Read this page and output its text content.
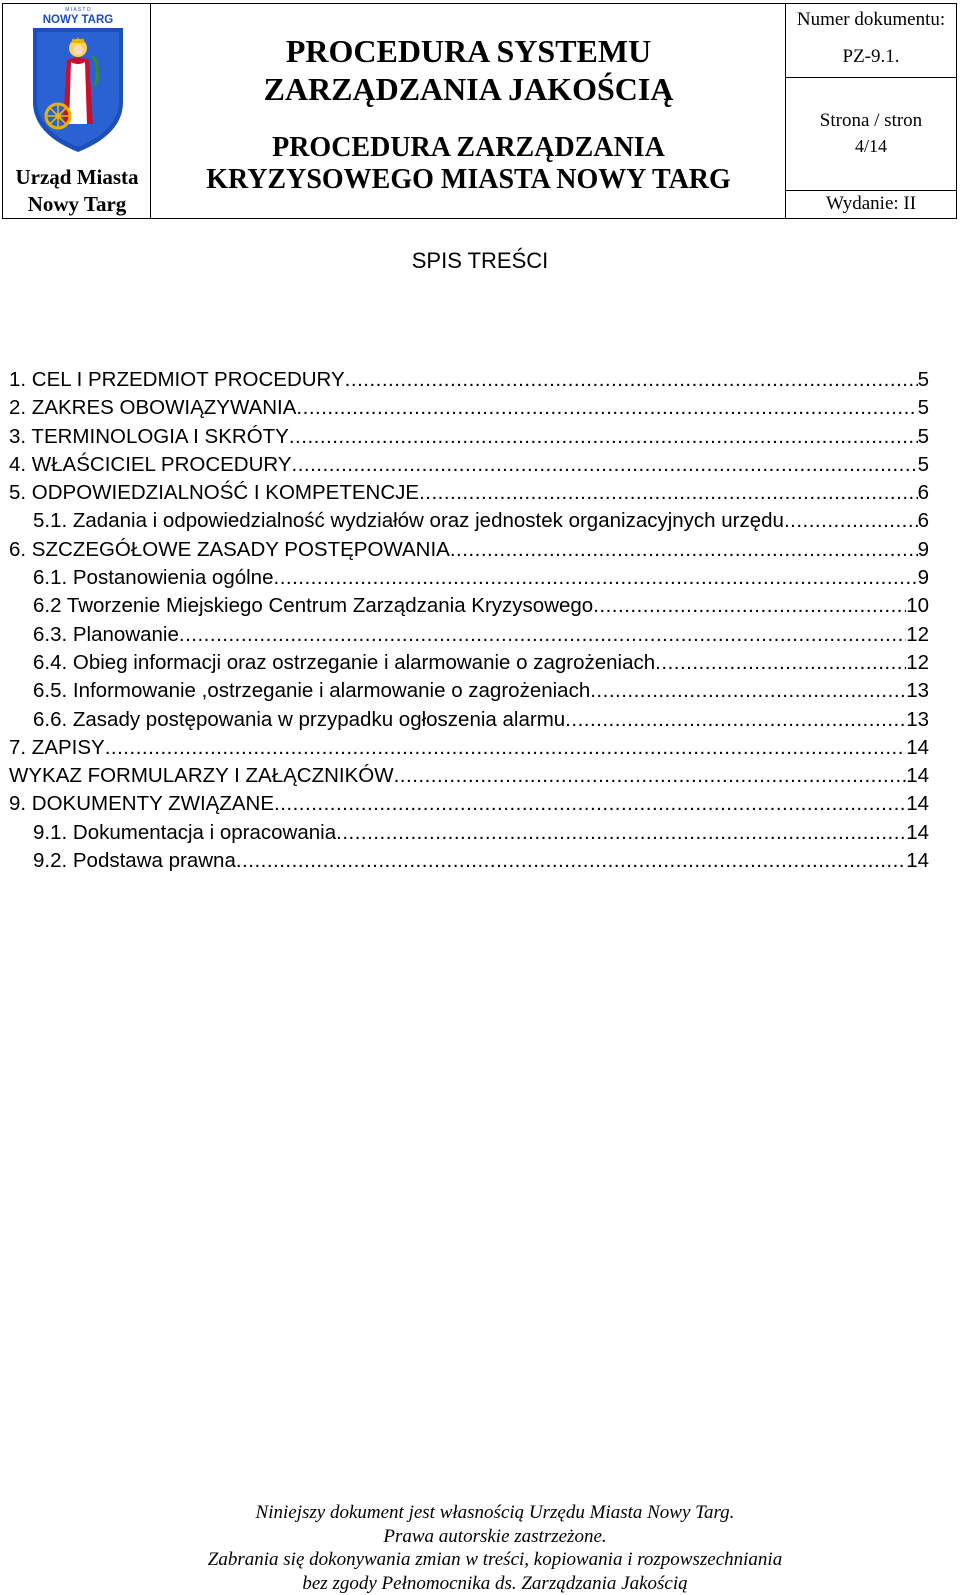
M I A S T O
NOWY TARG
Urząd Miasta
Nowy Targ
PROCEDURA SYSTEMU
ZARZĄDZANIA JAKOŚCIĄ
PROCEDURA ZARZĄDZANIA
KRYZYSOWEGO MIASTA NOWY TARG
Numer dokumentu:
PZ-9.1.
Strona / stron
4/14
Wydanie: II
SPIS TREŚCI
1. CEL I PRZEDMIOT PROCEDURY .....	5
2. ZAKRES OBOWIĄZYWANIA .....	5
3. TERMINOLOGIA I SKRÓTY .....	5
4. WŁAŚCICIEL PROCEDURY .....	5
5. ODPOWIEDZIALNOŚĆ I KOMPETENCJE .....	6
5.1. Zadania i odpowiedzialność wydziałów oraz jednostek organizacyjnych urzędu .....	6
6. SZCZEGÓŁOWE ZASADY POSTĘPOWANIA .....	9
6.1. Postanowienia ogólne .....	9
6.2 Tworzenie Miejskiego Centrum Zarządzania Kryzysowego .....	10
6.3. Planowanie .....	12
6.4. Obieg informacji oraz ostrzeganie i alarmowanie o zagrożeniach .....	12
6.5. Informowanie ,ostrzeganie i alarmowanie o zagrożeniach .....	13
6.6. Zasady postępowania w przypadku ogłoszenia alarmu .....	13
7. ZAPISY .....	14
WYKAZ FORMULARZY I ZAŁĄCZNIKÓW .....	14
9. DOKUMENTY ZWIĄZANE .....	14
9.1. Dokumentacja i opracowania .....	14
9.2. Podstawa prawna .....	14
Niniejszy dokument jest własnością Urzędu Miasta Nowy Targ.
Prawa autorskie zastrzeżone.
Zabrania się dokonywania zmian w treści, kopiowania i rozpowszechniania
bez zgody Pełnomocnika ds. Zarządzania Jakością
